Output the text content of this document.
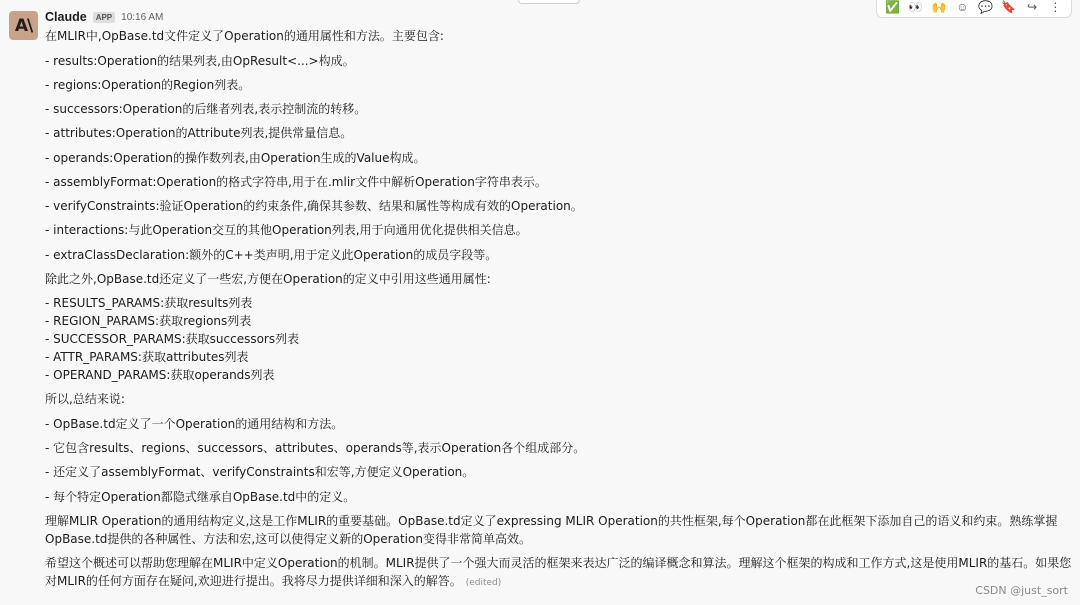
A\ Claude	APP 10:16 AM
在MLIR中,OpBase.td文件定义了Operation的通用属性和方法。主要包含:
- results:Operation的结果列表,由OpResult<...>构成。
- regions:Operation的Region列表。
- successors:Operation的后继者列表,表示控制流的转移。
- attributes:Operation的Attribute列表,提供常量信息。
- operands:Operation的操作数列表,由Operation生成的Value构成。
- assemblyFormat:Operation的格式字符串,用于在.mlir文件中解析Operation字符串表示。
- verifyConstraints:验证Operation的约束条件,确保其参数、结果和属性等构成有效的Operation。
- interactions:与此Operation交互的其他Operation列表,用于向通用优化提供相关信息。
- extraClassDeclaration:额外的C++类声明,用于定义此Operation的成员字段等。
除此之外,OpBase.td还定义了一些宏,方便在Operation的定义中引用这些通用属性:
- RESULTS_PARAMS:获取results列表
- REGION_PARAMS:获取regions列表
- SUCCESSOR_PARAMS:获取successors列表
- ATTR_PARAMS:获取attributes列表
- OPERAND_PARAMS:获取operands列表
所以,总结来说:
- OpBase.td定义了一个Operation的通用结构和方法。
- 它包含results、regions、successors、attributes、operands等,表示Operation各个组成部分。
- 还定义了assemblyFormat、verifyConstraints和宏等,方便定义Operation。
- 每个特定Operation都隐式继承自OpBase.td中的定义。
理解MLIR Operation的通用结构定义,这是工作MLIR的重要基础。OpBase.td定义了expressing MLIR Operation的共性框架,每个Operation都在此框架下添加自己的语义和约束。熟练掌握
OpBase.td提供的各种属性、方法和宏,这可以使得定义新的Operation变得非常简单高效。
希望这个概述可以帮助您理解在MLIR中定义Operation的机制。MLIR提供了一个强大而灵活的框架来表达广泛的编译概念和算法。理解这个框架的构成和工作方式,这是使用MLIR的基石。如果您
对MLIR的任何方面存在疑问,欢迎进行提出。我将尽力提供详细和深入的解答。 (edited)
✅ 👀 🙌 ☺ 💬 🔖 ↪	⋮
CSDN @just_sort
